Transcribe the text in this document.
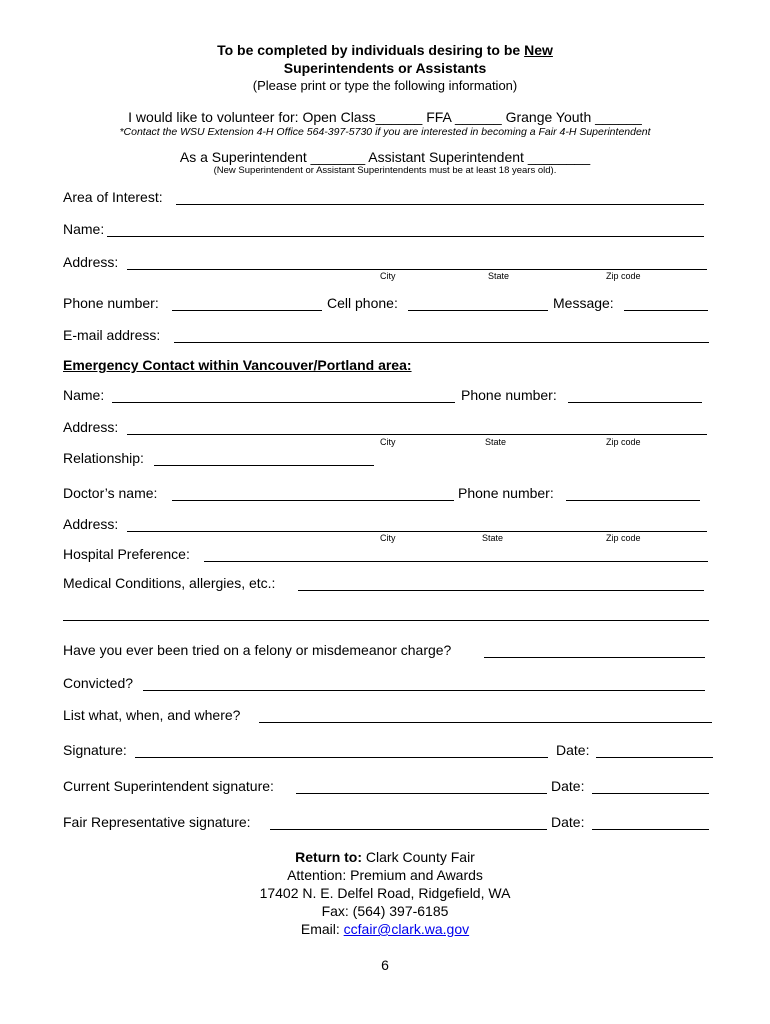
To be completed by individuals desiring to be New
Superintendents or Assistants
(Please print or type the following information)
I would like to volunteer for: Open Class______ FFA ______ Grange Youth ______
*Contact the WSU Extension 4-H Office 564-397-5730 if you are interested in becoming a Fair 4-H Superintendent
As a Superintendent _______ Assistant Superintendent ________
(New Superintendent or Assistant Superintendents must be at least 18 years old).
Area of Interest:
Name:
Address:
City	State	Zip code
Phone number:	Cell phone:	Message:
E-mail address:
Emergency Contact within Vancouver/Portland area:
Name:	Phone number:
Address:
City	State	Zip code
Relationship:
Doctor’s name:	Phone number:
Address:
City	State	Zip code
Hospital Preference:
Medical Conditions, allergies, etc.:
Have you ever been tried on a felony or misdemeanor charge?
Convicted?
List what, when, and where?
Signature:	Date:
Current Superintendent signature:	Date:
Fair Representative signature:	Date:
Return to: Clark County Fair
Attention: Premium and Awards
17402 N. E. Delfel Road, Ridgefield, WA
Fax: (564) 397-6185
Email: ccfair@clark.wa.gov
6
